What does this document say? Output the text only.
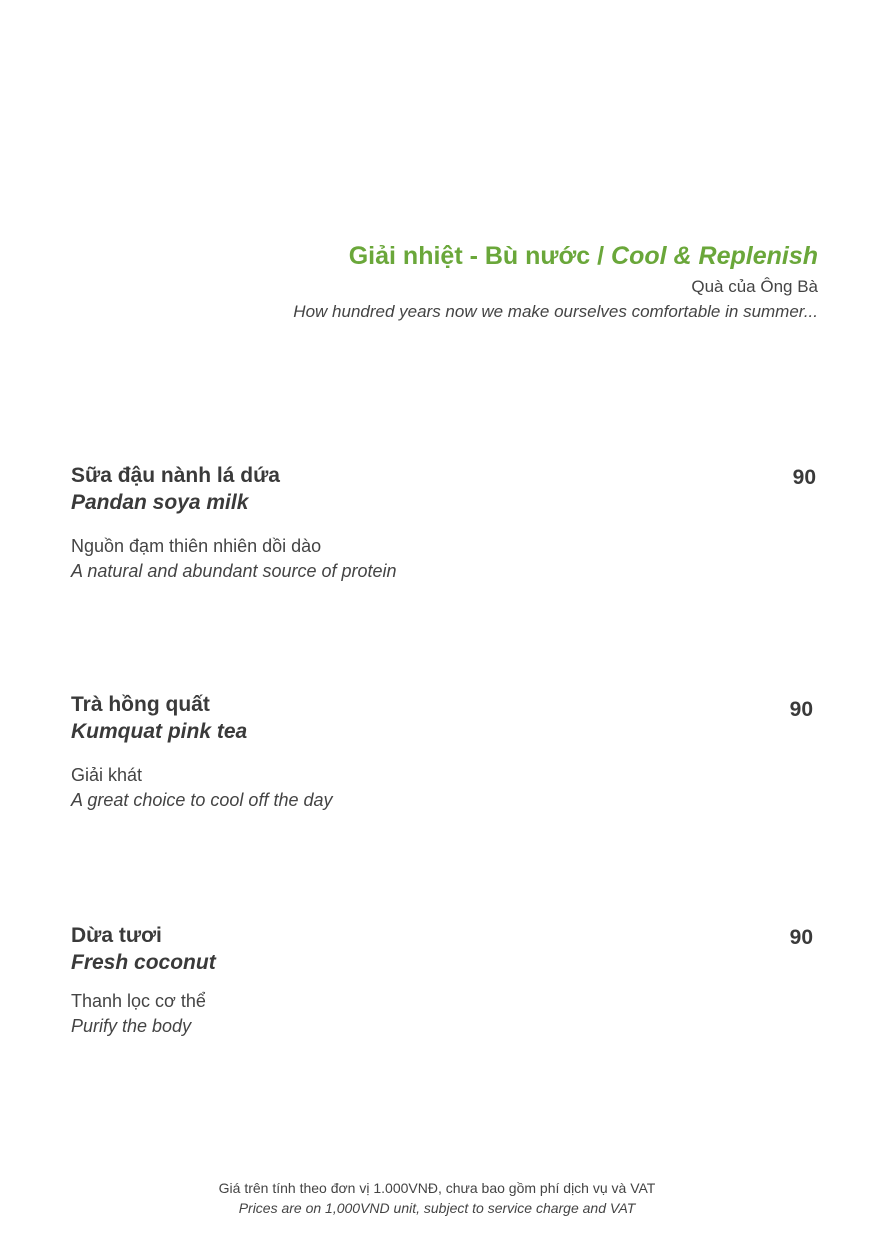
Giải nhiệt - Bù nước / Cool & Replenish
Quà của Ông Bà
How hundred years now we make ourselves comfortable in summer...
Sữa đậu nành lá dứa
Pandan soya milk
Nguồn đạm thiên nhiên dồi dào
A natural and abundant source of protein
90
Trà hồng quất
Kumquat pink tea
Giải khát
A great choice to cool off the day
90
Dừa tươi
Fresh coconut
Thanh lọc cơ thể
Purify the body
90
Giá trên tính theo đơn vị 1.000VNĐ, chưa bao gồm phí dịch vụ và VAT
Prices are on 1,000VND unit, subject to service charge and VAT
